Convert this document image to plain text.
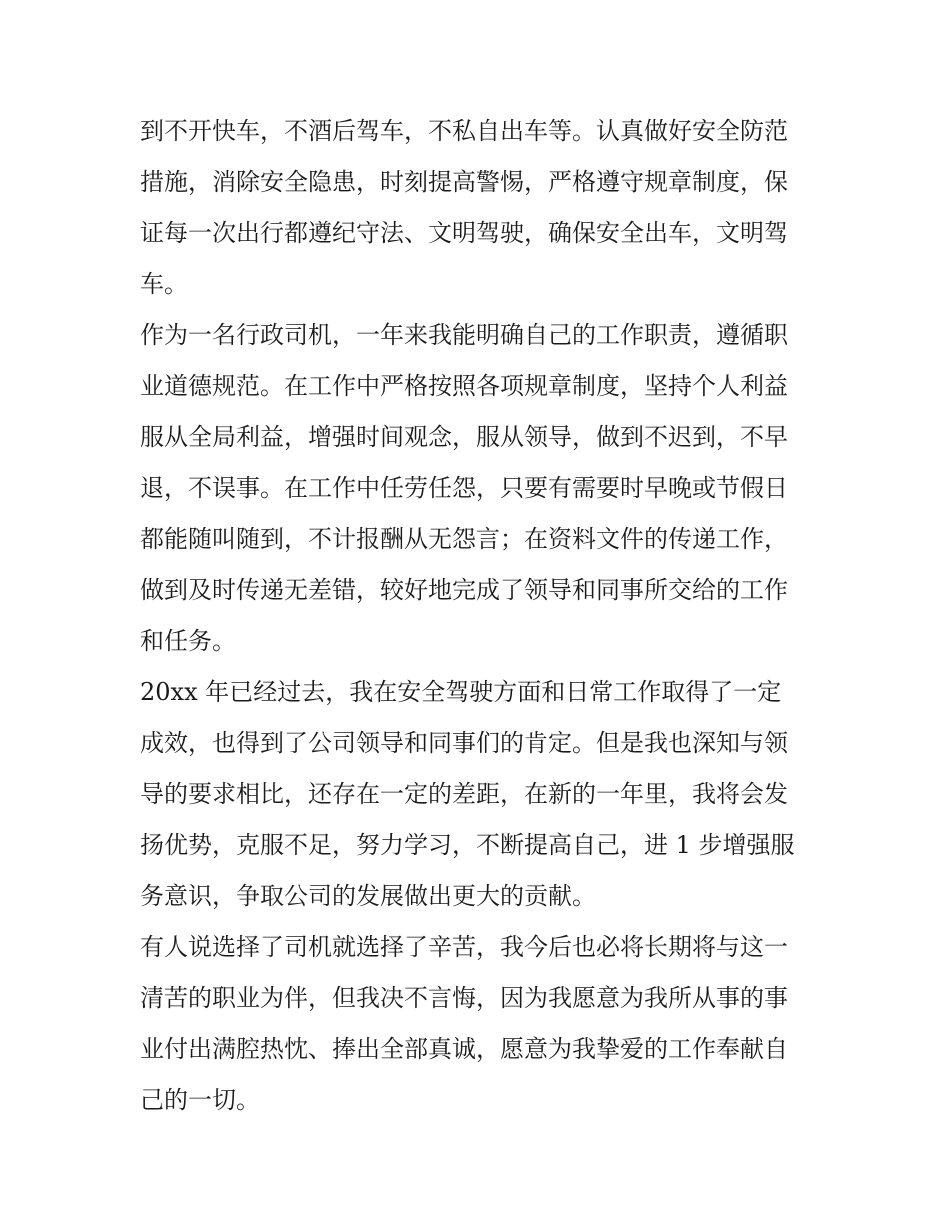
到不开快车，不酒后驾车，不私自出车等。认真做好安全防范
措施，消除安全隐患，时刻提高警惕，严格遵守规章制度，保
证每一次出行都遵纪守法、文明驾驶，确保安全出车，文明驾
车。
作为一名行政司机，一年来我能明确自己的工作职责，遵循职
业道德规范。在工作中严格按照各项规章制度，坚持个人利益
服从全局利益，增强时间观念，服从领导，做到不迟到，不早
退，不误事。在工作中任劳任怨，只要有需要时早晚或节假日
都能随叫随到，不计报酬从无怨言；在资料文件的传递工作，
做到及时传递无差错，较好地完成了领导和同事所交给的工作
和任务。
20xx 年已经过去，我在安全驾驶方面和日常工作取得了一定
成效，也得到了公司领导和同事们的肯定。但是我也深知与领
导的要求相比，还存在一定的差距，在新的一年里，我将会发
扬优势，克服不足，努力学习，不断提高自己，进 1 步增强服
务意识，争取公司的发展做出更大的贡献。
有人说选择了司机就选择了辛苦，我今后也必将长期将与这一
清苦的职业为伴，但我决不言悔，因为我愿意为我所从事的事
业付出满腔热忱、捧出全部真诚，愿意为我挚爱的工作奉献自
己的一切。
